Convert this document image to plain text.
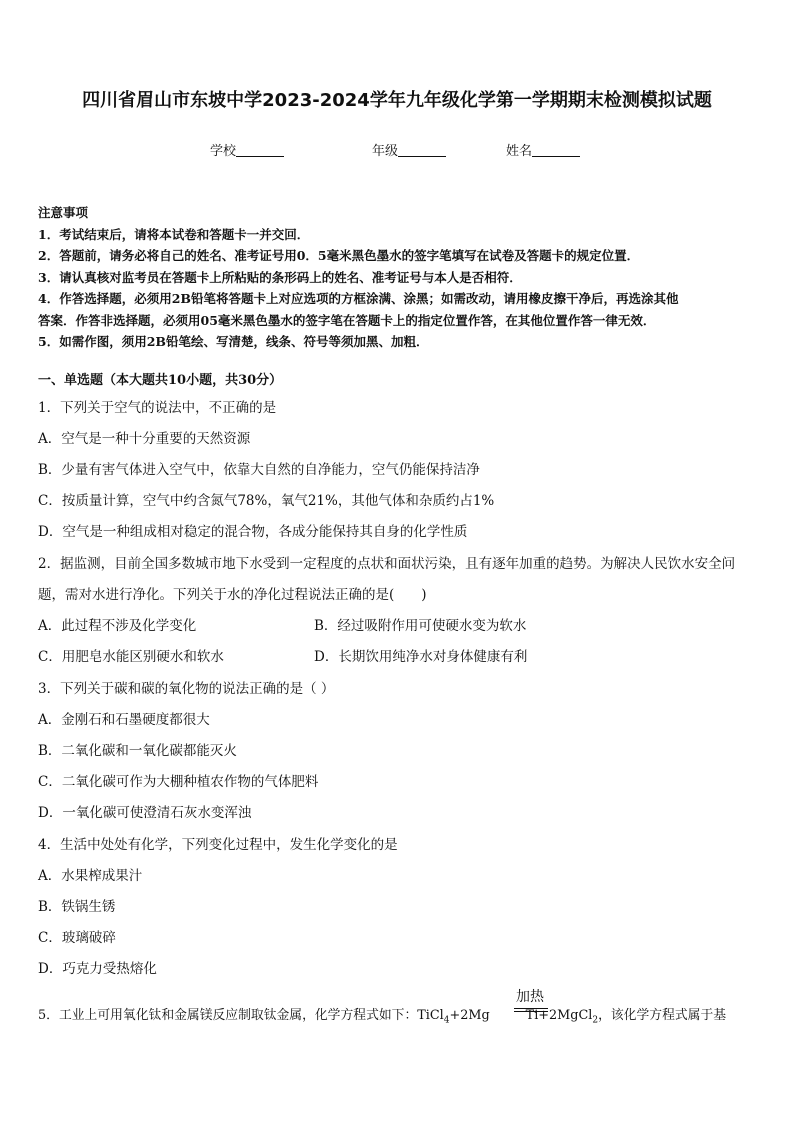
四川省眉山市东坡中学2023-2024学年九年级化学第一学期期末检测模拟试题
学校	年级	姓名

注意事项

1．考试结束后，请将本试卷和答题卡一并交回．

2．答题前，请务必将自己的姓名、准考证号用0．5毫米黑色墨水的签字笔填写在试卷及答题卡的规定位置．

3．请认真核对监考员在答题卡上所粘贴的条形码上的姓名、准考证号与本人是否相符．

4．作答选择题，必须用2B铅笔将答题卡上对应选项的方框涂满、涂黑；如需改动，请用橡皮擦干净后，再选涂其他

答案．作答非选择题，必须用05毫米黑色墨水的签字笔在答题卡上的指定位置作答，在其他位置作答一律无效．

5．如需作图，须用2B铅笔绘、写清楚，线条、符号等须加黑、加粗．

一、单选题（本大题共10小题，共30分）
1．下列关于空气的说法中，不正确的是
A．空气是一种十分重要的天然资源
B．少量有害气体进入空气中，依靠大自然的自净能力，空气仍能保持洁净
C．按质量计算，空气中约含氮气78%，氧气21%，其他气体和杂质约占1%
D．空气是一种组成相对稳定的混合物，各成分能保持其自身的化学性质
2．据监测，目前全国多数城市地下水受到一定程度的点状和面状污染，且有逐年加重的趋势。为解决人民饮水安全问
题，需对水进行净化。下列关于水的净化过程说法正确的是(　　)
A．此过程不涉及化学变化	B．经过吸附作用可使硬水变为软水
C．用肥皂水能区别硬水和软水	D．长期饮用纯净水对身体健康有利
3．下列关于碳和碳的氧化物的说法正确的是（ ）
A．金刚石和石墨硬度都很大
B．二氧化碳和一氧化碳都能灭火
C．二氧化碳可作为大棚种植农作物的气体肥料
D．一氧化碳可使澄清石灰水变浑浊
4．生活中处处有化学，下列变化过程中，发生化学变化的是
A．水果榨成果汁
B．铁锅生锈
C．玻璃破碎
D．巧克力受热熔化
加热
5．工业上可用氧化钛和金属镁反应制取钛金属，化学方程式如下：TiCl$_4$+2Mg	Ti+2MgCl$_2$，该化学方程式属于基
